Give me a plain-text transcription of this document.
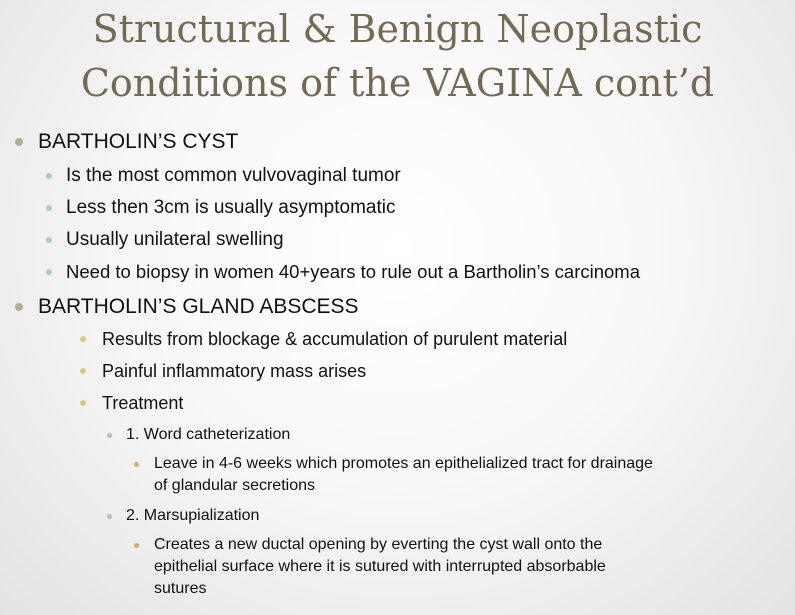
Structural & Benign Neoplastic
Conditions of the VAGINA cont’d
BARTHOLIN’S CYST
Is the most common vulvovaginal tumor
Less then 3cm is usually asymptomatic
Usually unilateral swelling
Need to biopsy in women 40+years to rule out a Bartholin’s carcinoma
BARTHOLIN’S GLAND ABSCESS
Results from blockage & accumulation of purulent material
Painful inflammatory mass arises
Treatment
1. Word catheterization
Leave in 4-6 weeks which promotes an epithelialized tract for drainage
of glandular secretions
2. Marsupialization
Creates a new ductal opening by everting the cyst wall onto the
epithelial surface where it is sutured with interrupted absorbable
sutures
